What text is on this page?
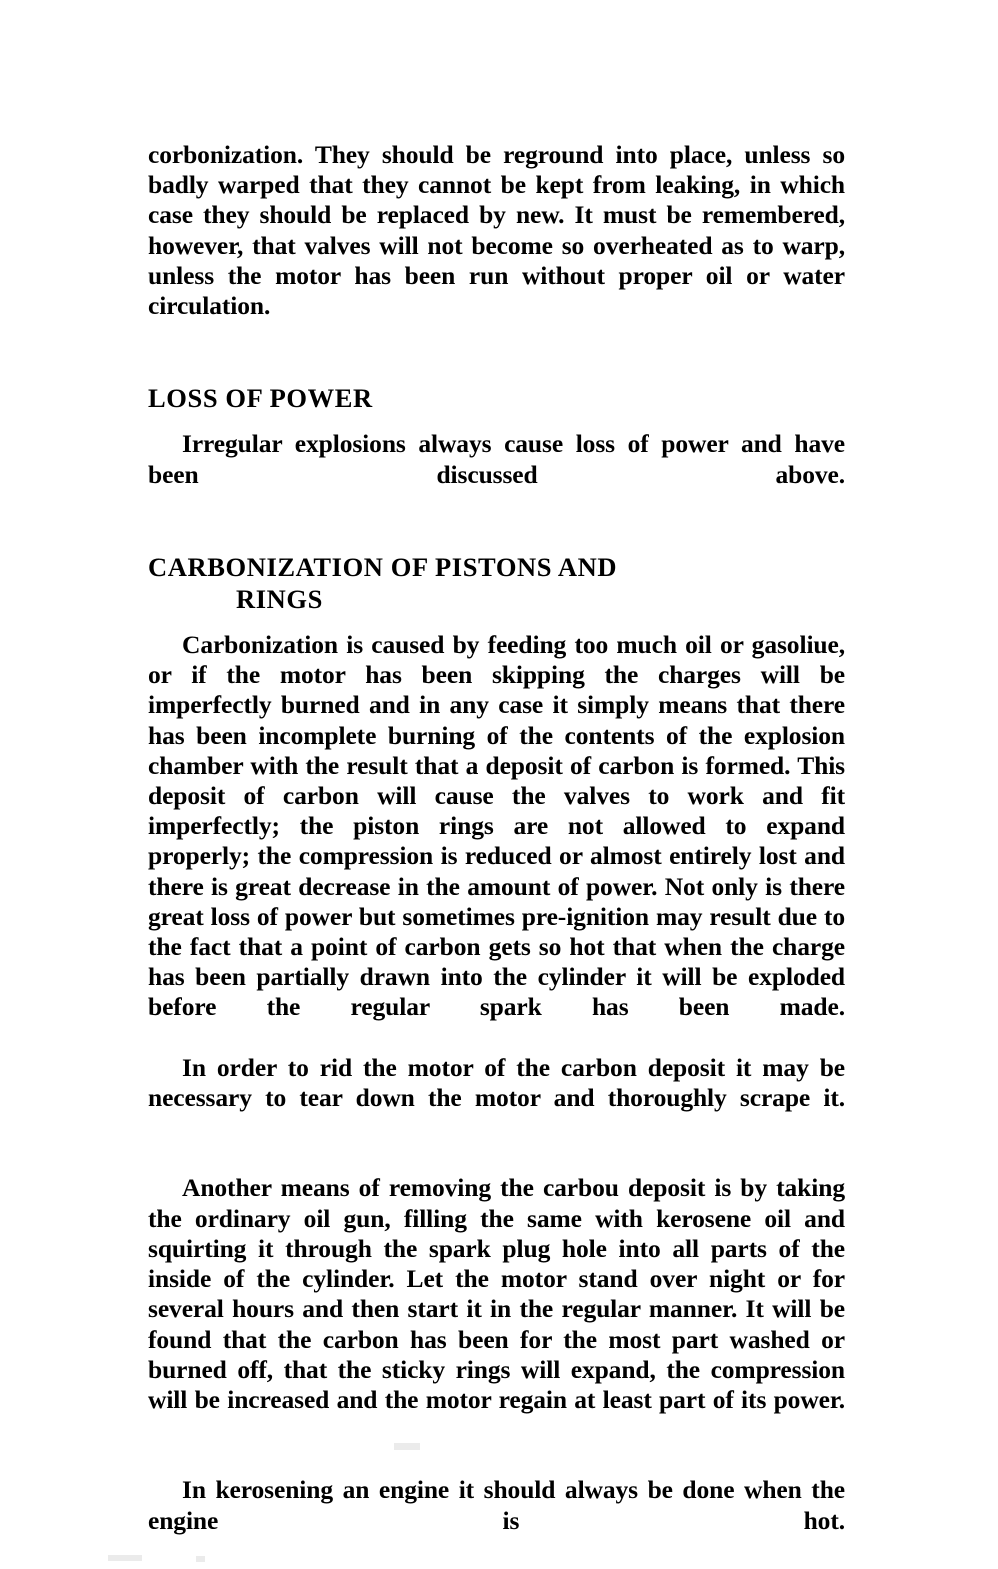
corbonization. They should be reground into place, unless so badly warped that they cannot be kept from leaking, in which case they should be replaced by new. It must be remembered, however, that valves will not become so overheated as to warp, unless the motor has been run without proper oil or water circulation.

LOSS OF POWER

Irregular explosions always cause loss of power and have been discussed above.

CARBONIZATION OF PISTONS AND
RINGS

Carbonization is caused by feeding too much oil or gasoliue, or if the motor has been skipping the charges will be imperfectly burned and in any case it simply means that there has been incomplete burning of the contents of the explosion chamber with the result that a deposit of carbon is formed. This deposit of carbon will cause the valves to work and fit imperfectly; the piston rings are not allowed to expand properly; the compression is reduced or almost entirely lost and there is great decrease in the amount of power. Not only is there great loss of power but sometimes pre-ignition may result due to the fact that a point of carbon gets so hot that when the charge has been partially drawn into the cylinder it will be exploded before the regular spark has been made.

In order to rid the motor of the carbon deposit it may be necessary to tear down the motor and thoroughly scrape it.

Another means of removing the carbou deposit is by taking the ordinary oil gun, filling the same with kerosene oil and squirting it through the spark plug hole into all parts of the inside of the cylinder. Let the motor stand over night or for several hours and then start it in the regular manner. It will be found that the carbon has been for the most part washed or burned off, that the sticky rings will expand, the compression will be increased and the motor regain at least part of its power.

In kerosening an engine it should always be done when the engine is hot.
